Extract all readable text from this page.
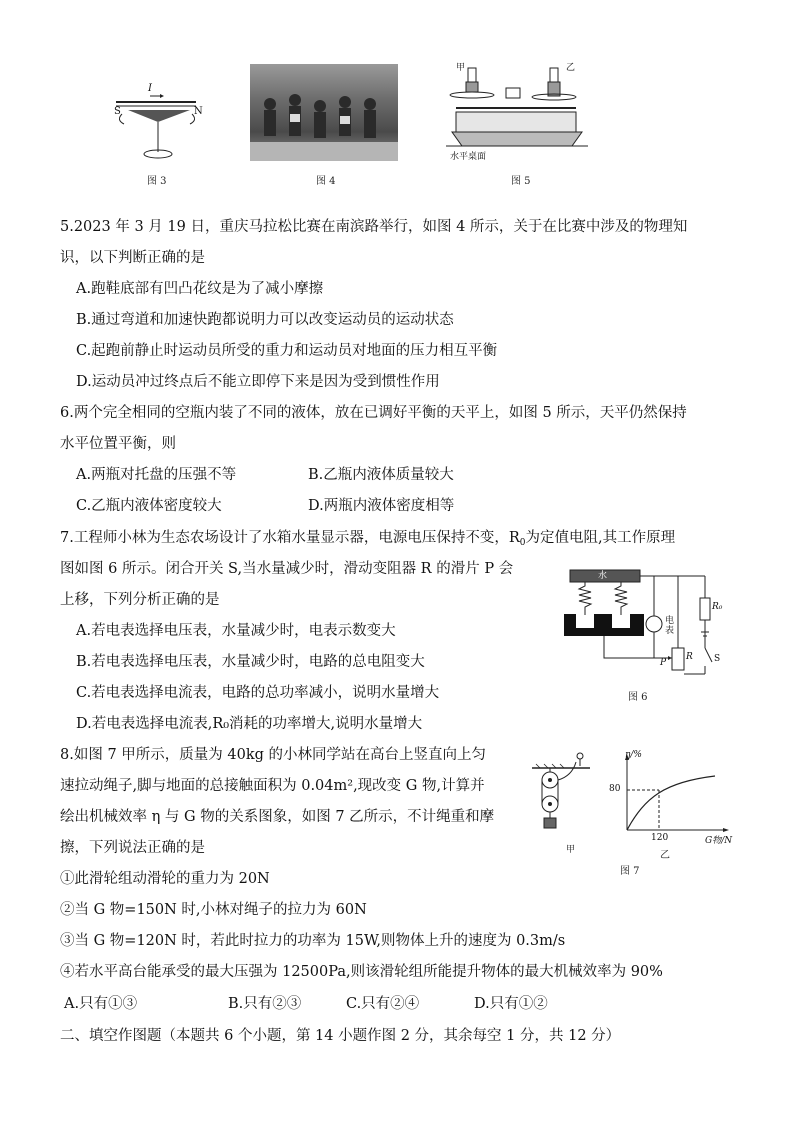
I
S	N
图 3	图 4
甲	乙
水平桌面
图 5
5.2023 年 3 月 19 日，重庆马拉松比赛在南滨路举行，如图 4 所示，关于在比赛中涉及的物理知
识，以下判断正确的是
A.跑鞋底部有凹凸花纹是为了减小摩擦
B.通过弯道和加速快跑都说明力可以改变运动员的运动状态
C.起跑前静止时运动员所受的重力和运动员对地面的压力相互平衡
D.运动员冲过终点后不能立即停下来是因为受到惯性作用
6.两个完全相同的空瓶内装了不同的液体，放在已调好平衡的天平上，如图 5 所示，天平仍然保持
水平位置平衡，则
A.两瓶对托盘的压强不等	B.乙瓶内液体质量较大
C.乙瓶内液体密度较大	D.两瓶内液体密度相等
7.工程师小林为生态农场设计了水箱水量显示器，电源电压保持不变，$R_0$为定值电阻,其工作原理
图如图 6 所示。闭合开关 S,当水量减少时，滑动变阻器 R 的滑片 P 会
上移，下列分析正确的是
A.若电表选择电压表，水量减少时，电表示数变大
B.若电表选择电压表，水量减少时，电路的总电阻变大
C.若电表选择电流表，电路的总功率减小，说明水量增大
D.若电表选择电流表,R₀消耗的功率增大,说明水量增大
水
电表
R₀
R
P	S
图 6
8.如图 7 甲所示，质量为 40kg 的小林同学站在高台上竖直向上匀
速拉动绳子,脚与地面的总接触面积为 0.04m²,现改变 G 物,计算并
绘出机械效率 η 与 G 物的关系图象，如图 7 乙所示，不计绳重和摩
擦，下列说法正确的是
①此滑轮组动滑轮的重力为 20N
②当 G 物=150N 时,小林对绳子的拉力为 60N
③当 G 物=120N 时，若此时拉力的功率为 15W,则物体上升的速度为 0.3m/s
④若水平高台能承受的最大压强为 12500Pa,则该滑轮组所能提升物体的最大机械效率为 90%
A.只有①③	B.只有②③	C.只有②④	D.只有①②
甲
η/%
80
120	G物/N
乙
图 7
二、填空作图题（本题共 6 个小题，第 14 小题作图 2 分，其余每空 1 分，共 12 分）
